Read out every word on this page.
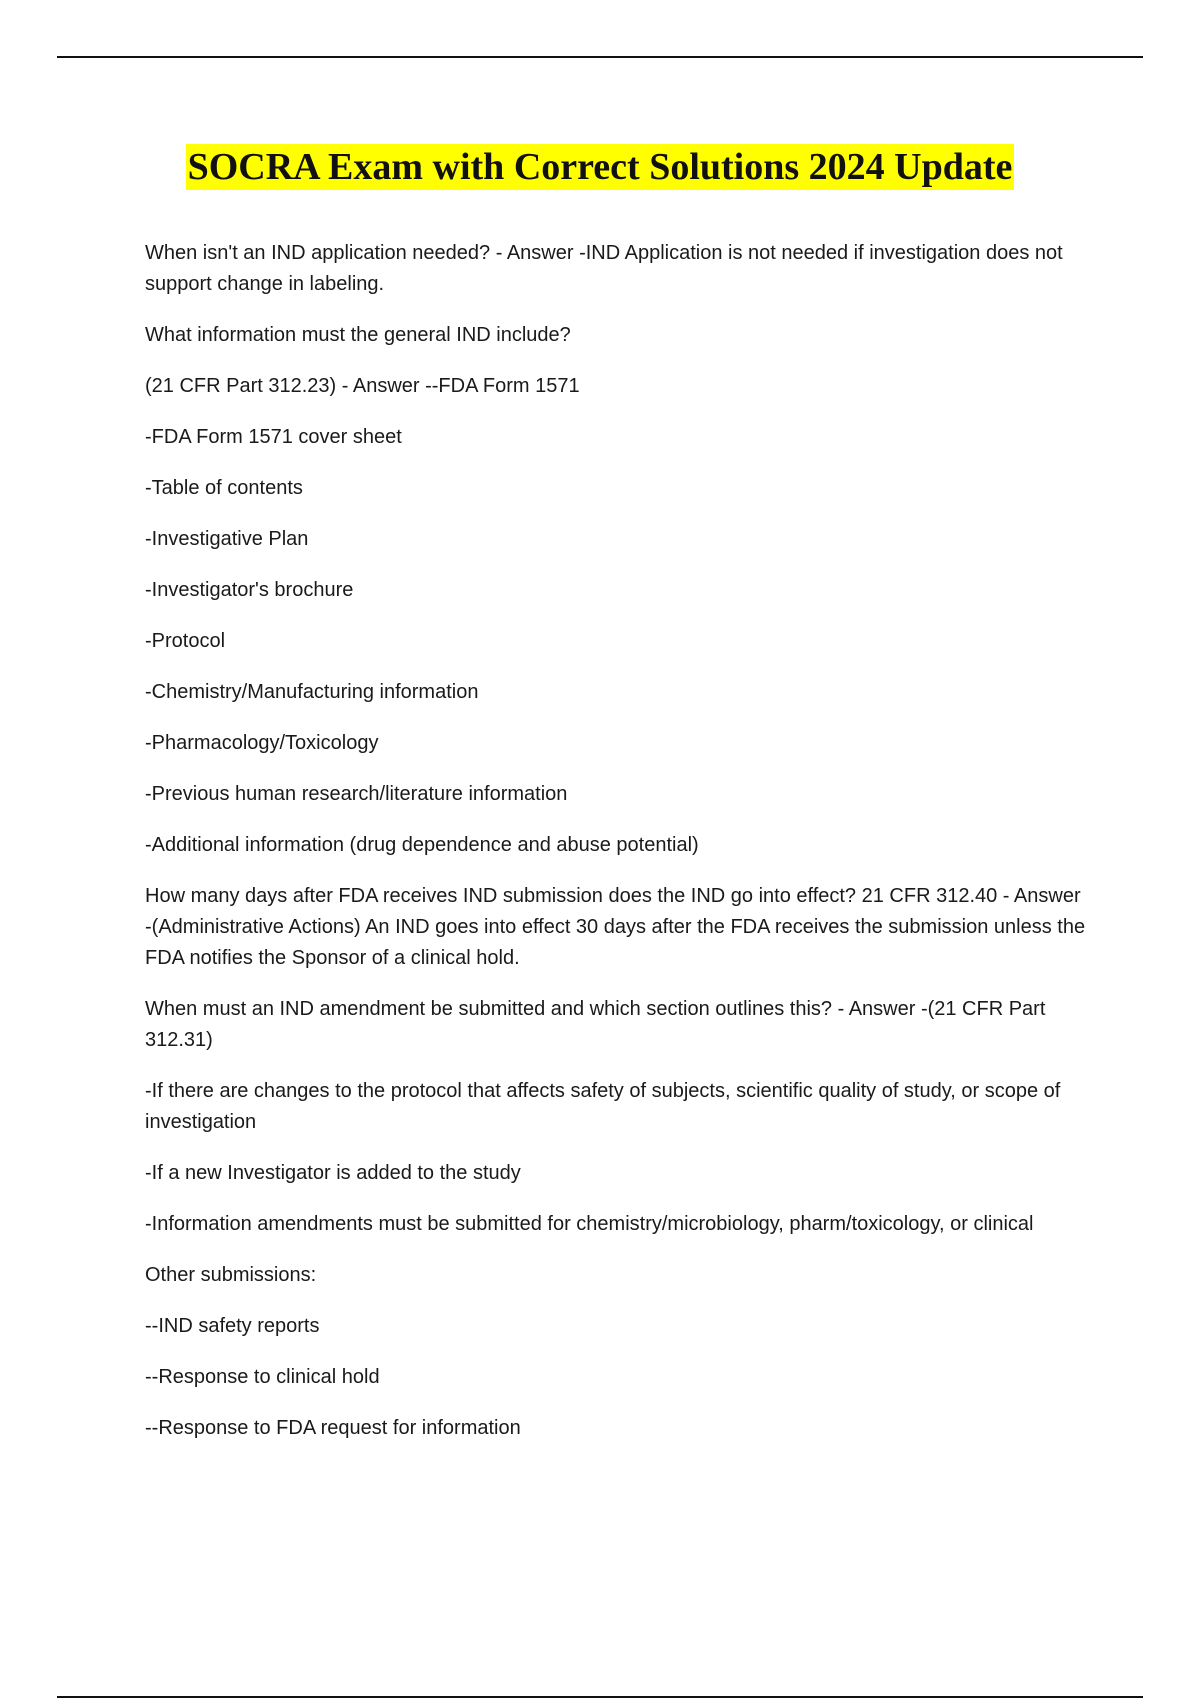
SOCRA Exam with Correct Solutions 2024 Update

When isn't an IND application needed? - Answer -IND Application is not needed if investigation does not support change in labeling.

What information must the general IND include?

(21 CFR Part 312.23) - Answer --FDA Form 1571

-FDA Form 1571 cover sheet

-Table of contents

-Investigative Plan

-Investigator's brochure

-Protocol

-Chemistry/Manufacturing information

-Pharmacology/Toxicology

-Previous human research/literature information

-Additional information (drug dependence and abuse potential)

How many days after FDA receives IND submission does the IND go into effect? 21 CFR 312.40 - Answer -(Administrative Actions) An IND goes into effect 30 days after the FDA receives the submission unless the FDA notifies the Sponsor of a clinical hold.

When must an IND amendment be submitted and which section outlines this? - Answer -(21 CFR Part 312.31)

-If there are changes to the protocol that affects safety of subjects, scientific quality of study, or scope of investigation

-If a new Investigator is added to the study

-Information amendments must be submitted for chemistry/microbiology, pharm/toxicology, or clinical

Other submissions:

--IND safety reports

--Response to clinical hold

--Response to FDA request for information
